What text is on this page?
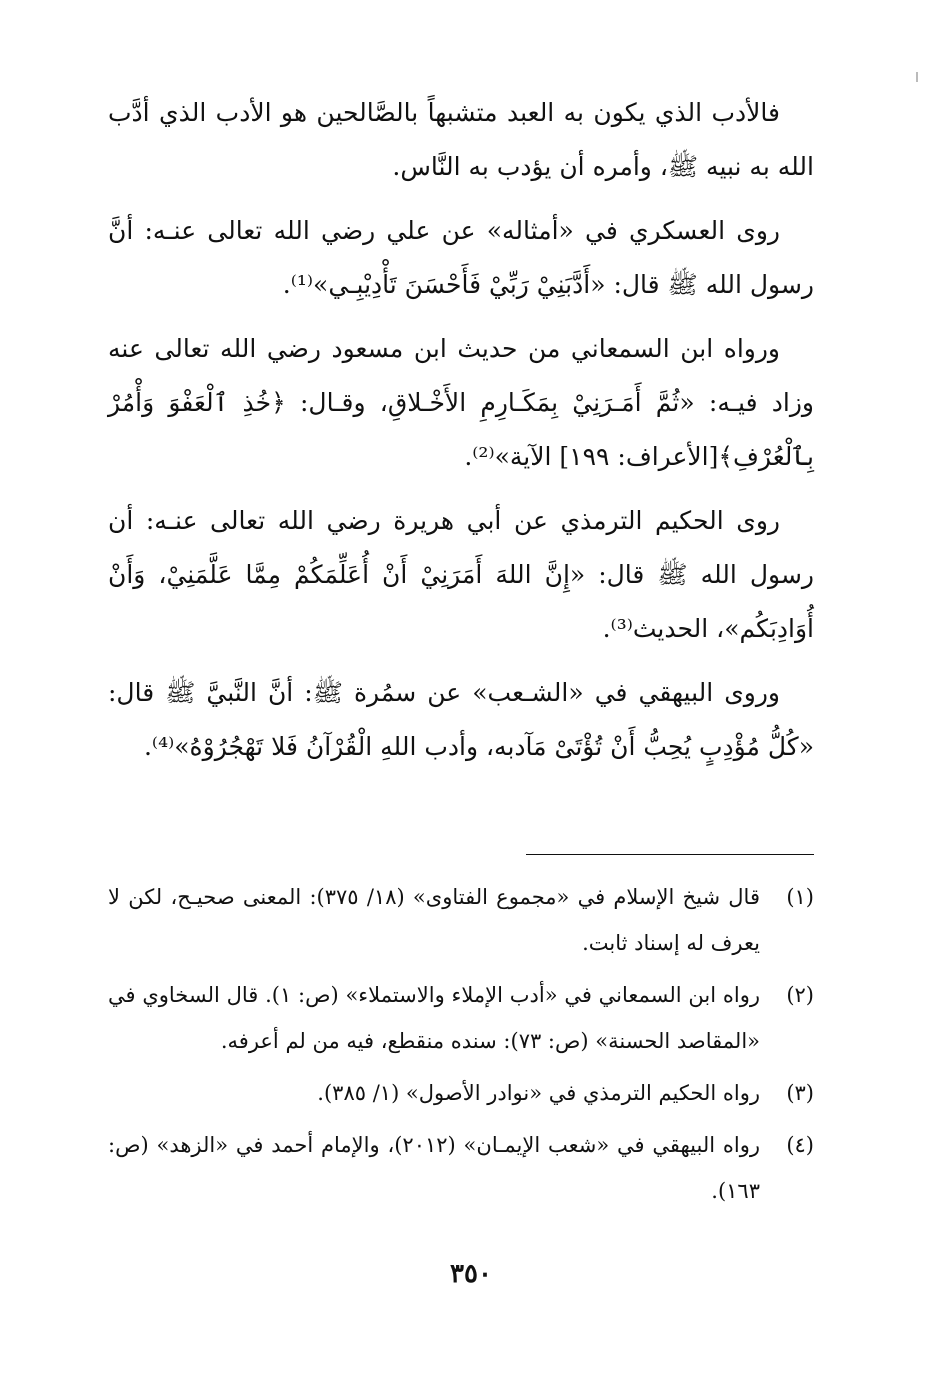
فالأدب الذي يكون به العبد متشبهاً بالصَّالحين هو الأدب الذي أدَّب الله به نبيه ﷺ، وأمره أن يؤدب به النَّاس.

روى العسكري في «أمثاله» عن علي رضي الله تعالى عنـه: أنَّ رسول الله ﷺ قال: «أَدَّبَنِيْ رَبِّيْ فَأَحْسَنَ تَأْدِيْبِـي»⁽¹⁾.

ورواه ابن السمعاني من حديث ابن مسعود رضي الله تعالى عنه وزاد فيـه: «ثُمَّ أَمَـرَنِيْ بِمَكَـارِمِ الأَخْـلاقِ، وقـال: ﴿خُذِ ٱلْعَفْوَ وَأْمُرْ بِٱلْعُرْفِ﴾[الأعراف: ١٩٩] الآية»⁽²⁾.

روى الحكيم الترمذي عن أبي هريرة رضي الله تعالى عنـه: أن رسول الله ﷺ قال: «إِنَّ اللهَ أَمَرَنِيْ أَنْ أُعَلِّمَكُمْ مِمَّا عَلَّمَنِيْ، وَأَنْ أُوَادِبَكُم»، الحديث⁽³⁾.

وروى البيهقي في «الشـعب» عن سمُرة ﷺ: أنَّ النَّبيَّ ﷺ قال: «كُلُّ مُؤْدِبٍ يُحِبُّ أَنْ تُؤْتَىْ مَآدبه، وأدب اللهِ الْقُرْآنُ فَلا تَهْجُرُوْهُ»⁽⁴⁾.

(١)
قال شيخ الإسلام في «مجموع الفتاوى» (١٨/ ٣٧٥): المعنى صحيـح، لكن لا يعرف له إسناد ثابت.
(٢)
رواه ابن السمعاني في «أدب الإملاء والاستملاء» (ص: ١). قال السخاوي في «المقاصد الحسنة» (ص: ٧٣): سنده منقطع، فيه من لم أعرفه.
(٣)
رواه الحكيم الترمذي في «نوادر الأصول» (١/ ٣٨٥).
(٤)
رواه البيهقي في «شعب الإيمـان» (٢٠١٢)، والإمام أحمد في «الزهد» (ص: ١٦٣).
٣٥٠
